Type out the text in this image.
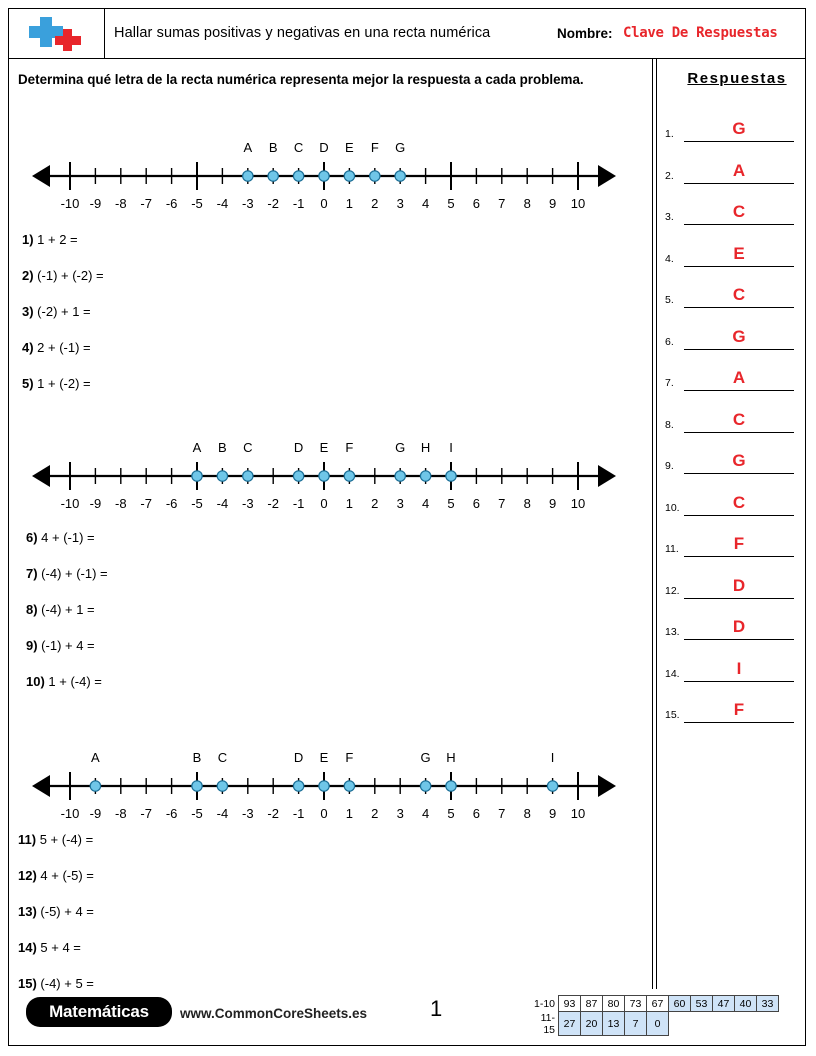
Hallar sumas positivas y negativas en una recta numérica	Nombre: Clave De Respuestas
Determina qué letra de la recta numérica representa mejor la respuesta a cada problema.
A	B	C	D	E	F	G
-10 -9	-8	-7	-6	-5	-4	-3	-2	-1	0	1	2	3	4	5	6	7	8	9	10
A	B	C	D	E	F	G	H	I
-10 -9	-8	-7	-6	-5	-4	-3	-2	-1	0	1	2	3	4	5	6	7	8	9	10
A	B	C	D	E	F	G	H	I
-10 -9	-8	-7	-6	-5	-4	-3	-2	-1	0	1	2	3	4	5	6	7	8	9	10
1) 1 + 2 =
2) (-1) + (-2) =
3) (-2) + 1 =
4) 2 + (-1) =
5) 1 + (-2) =
6) 4 + (-1) =
7) (-4) + (-1) =
8) (-4) + 1 =
9) (-1) + 4 =
10) 1 + (-4) =
11) 5 + (-4) =
12) 4 + (-5) =
13) (-5) + 4 =
14) 5 + 4 =
15) (-4) + 5 =
Respuestas
1.	G
2.	A
3.	C
4.	E
5.	C
6.	G
7.	A
8.	C
9.	G
10.	C
11.	F
12.	D
13.	D
14.	I
15.	F
Matemáticas	www.CommonCoreSheets.es	1	1-10	93	87	80	73	67	60	53	47	40	33
11-15	27	20	13	7	0					
